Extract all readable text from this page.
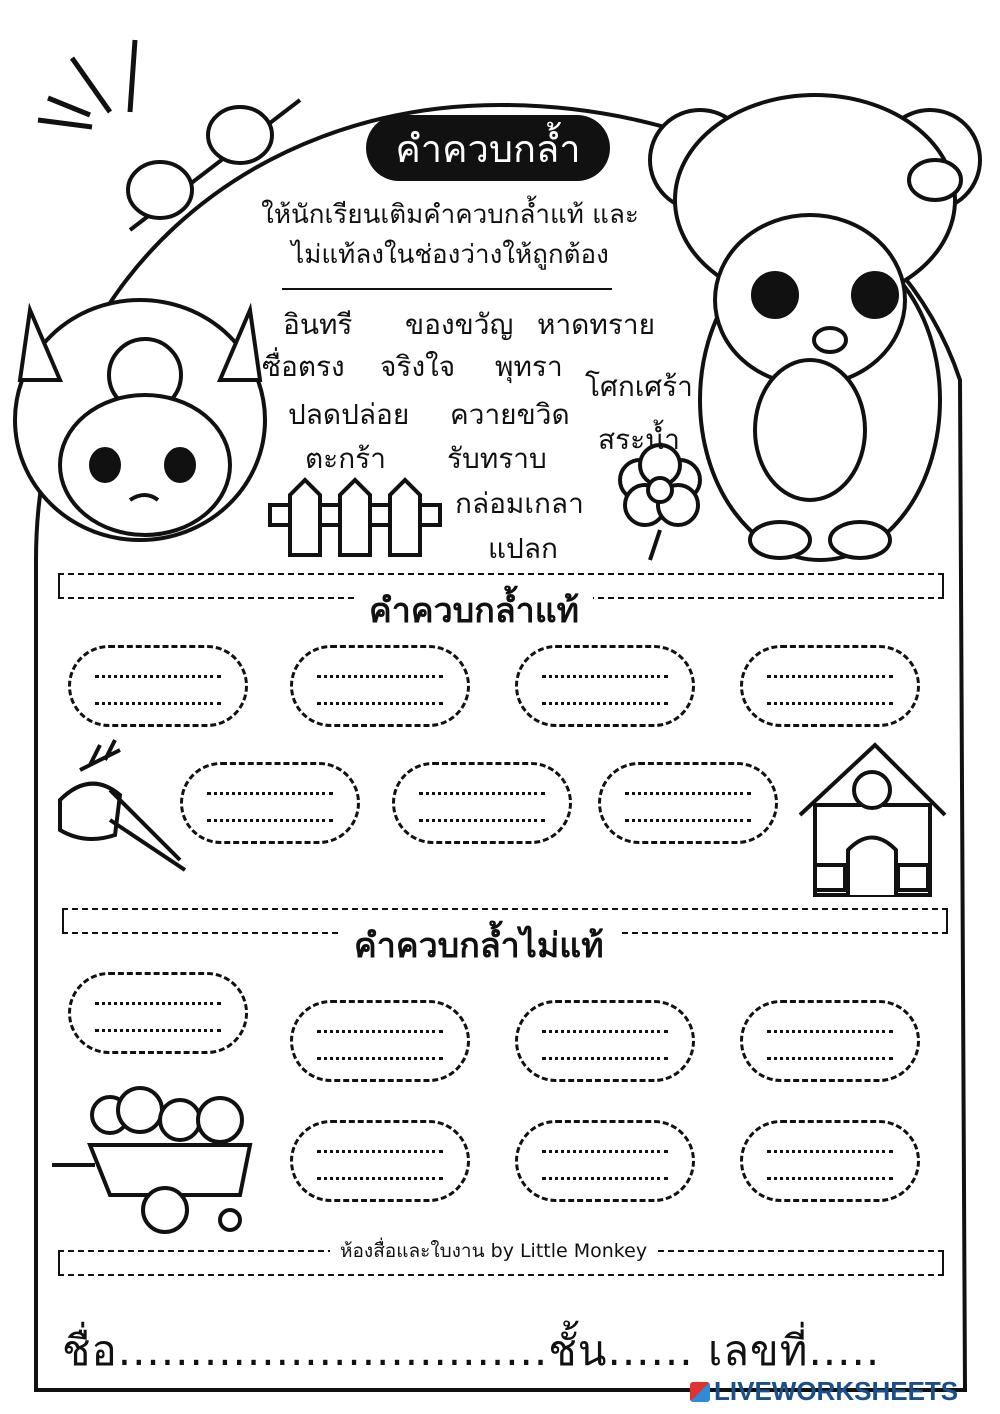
คำควบกล้ำ
ให้นักเรียนเติมคำควบกล้ำแท้ และ
ไม่แท้ลงในช่องว่างให้ถูกต้อง
อินทรี ของขวัญ หาดทราย
ซื่อตรง จริงใจ พุทรา
โศกเศร้า
ปลดปล่อย ควายขวิด
สระน้ำ
ตะกร้า รับทราบ
กล่อมเกลา
แปลก
คำควบกล้ำแท้
คำควบกล้ำไม่แท้
ห้องสื่อและใบงาน by Little Monkey
ชื่อ..............................ชั้น...... เลขที่.....
LIVEWORKSHEETS
